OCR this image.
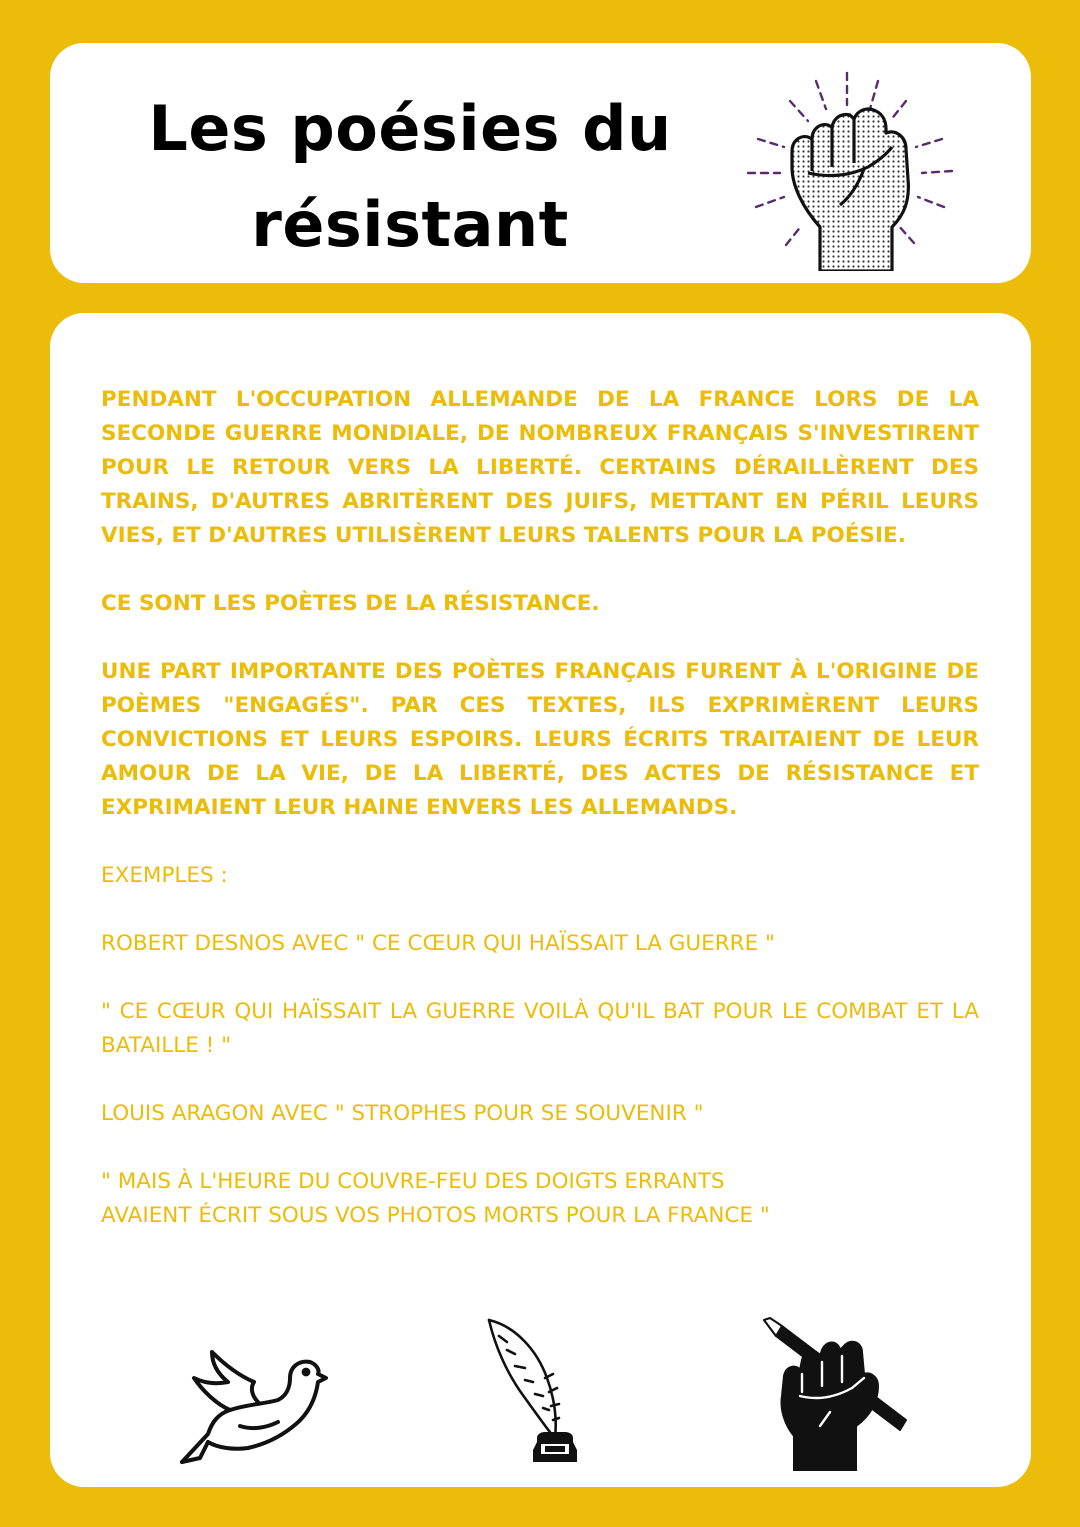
Les poésies du
résistant

PENDANT L'OCCUPATION ALLEMANDE DE LA FRANCE LORS DE LA SECONDE GUERRE MONDIALE, DE NOMBREUX FRANÇAIS S'INVESTIRENT POUR LE RETOUR VERS LA LIBERTÉ. CERTAINS DÉRAILLÈRENT DES TRAINS, D'AUTRES ABRITÈRENT DES JUIFS, METTANT EN PÉRIL LEURS VIES, ET D'AUTRES UTILISÈRENT LEURS TALENTS POUR LA POÉSIE.

CE SONT LES POÈTES DE LA RÉSISTANCE.

UNE PART IMPORTANTE DES POÈTES FRANÇAIS FURENT À L'ORIGINE DE POÈMES "ENGAGÉS". PAR CES TEXTES, ILS EXPRIMÈRENT LEURS CONVICTIONS ET LEURS ESPOIRS. LEURS ÉCRITS TRAITAIENT DE LEUR AMOUR DE LA VIE, DE LA LIBERTÉ, DES ACTES DE RÉSISTANCE ET EXPRIMAIENT LEUR HAINE ENVERS LES ALLEMANDS.

EXEMPLES :

ROBERT DESNOS AVEC " CE CŒUR QUI HAÏSSAIT LA GUERRE "

" CE CŒUR QUI HAÏSSAIT LA GUERRE VOILÀ QU'IL BAT POUR LE COMBAT ET LA BATAILLE ! "

LOUIS ARAGON AVEC " STROPHES POUR SE SOUVENIR "

" MAIS À L'HEURE DU COUVRE-FEU DES DOIGTS ERRANTS
AVAIENT ÉCRIT SOUS VOS PHOTOS MORTS POUR LA FRANCE "
